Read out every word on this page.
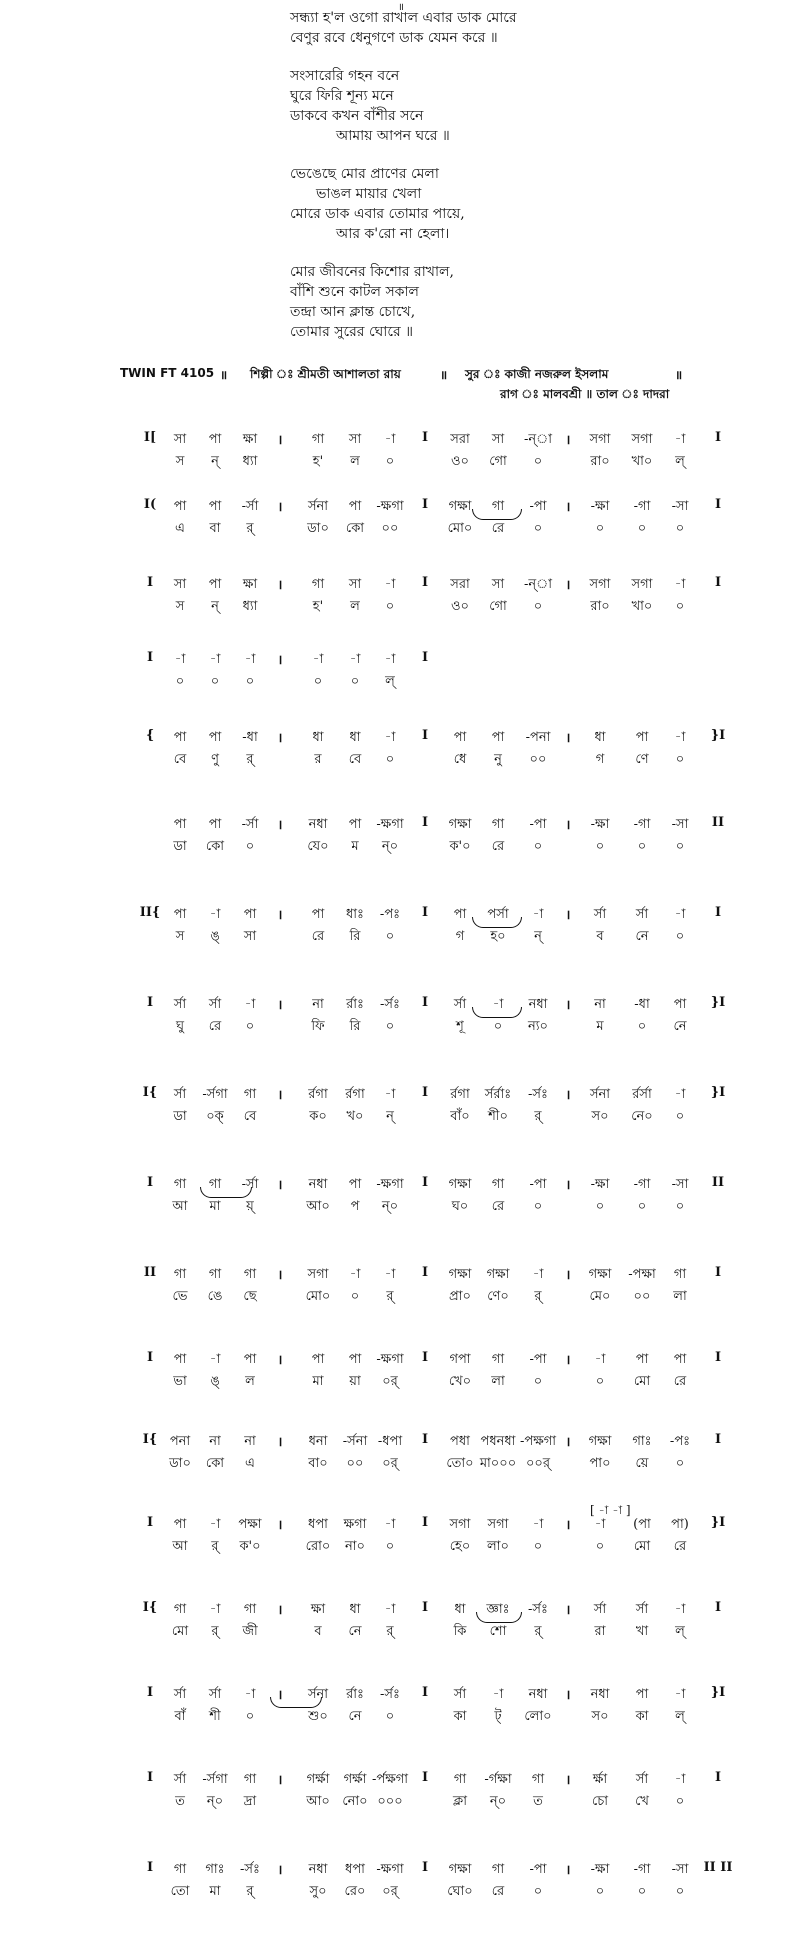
॥
সন্ধ্যা হ'ল ওগো রাখাল এবার ডাক মোরে
বেণুর রবে ধেনুগণে ডাক যেমন করে ॥
সংসারেরি গহন বনে
ঘুরে ফিরি শূন্য মনে
ডাকবে কখন বাঁশীর সনে
আমায় আপন ঘরে ॥
ভেঙেছে মোর প্রাণের মেলা
ভাঙল মায়ার খেলা
মোরে ডাক এবার তোমার পায়ে,
আর ক'রো না হেলা।
মোর জীবনের কিশোর রাখাল,
বাঁশি শুনে কাটল সকাল
তন্দ্রা আন ক্লান্ত চোখে,
তোমার সুরের ঘোরে ॥
TWIN FT 4105 ॥ শিল্পী ঃ শ্রীমতী আশালতা রায়	॥ সুর ঃ কাজী নজরুল ইসলাম	॥
রাগ ঃ মালবশ্রী ॥ তাল ঃ দাদরা
[ -া -া ]
I[ সা পা ক্ষা । গা সা -া I সরা সা -ন্া । সগা সগা -া I
স ন্ ধ্যা	হ' ল ০	ও০ গো ০	রা০ খা০ ল্
I( পা পা -র্সা । র্সনা পা -ক্ষগা I গক্ষা গা -পা । -ক্ষা -গা -সা I
এ বা র্	ডা০ কো ০০	মো০ রে ০	০	০ ০
I সা পা ক্ষা । গা সা -া I সরা সা -ন্া । সগা সগা -া I
স ন্ ধ্যা	হ' ল ০	ও০ গো ০	রা০ খা০ ০
I -া -া -া । -া -া -া I
০ ০ ০	০ ০ ল্
{ পা পা -ধা । ধা ধা -া I পা পা -পনা । ধা পা -া }I
বে ণু র্	র বে ০	ধে নু ০০	গ ণে ০
পা পা -র্সা । নধা পা -ক্ষগা I গক্ষা গা -পা । -ক্ষা -গা -সা II
ডা কো ০	যে০ ম ন্০	ক'০ রে ০	০	০ ০
II{ পা -া পা । পা ধাঃ -পঃ I পা পর্সা -া । র্সা র্সা -া I
স ঙ্ সা	রে রি ০	গ হ০ ন্	ব নে ০
I র্সা র্সা -া । না র্রাঃ -র্সঃ I র্সা -া নধা । না -ধা পা }I
ঘু রে ০	ফি রি ০	শূ ০ ন্য০	ম	০ নে
I{ র্সা -র্সগা গা । র্রগা র্রগা -া I র্রগা র্সর্রাঃ -র্সঃ । র্সনা র্রর্সা -া }I
ডা ০ক্ বে	ক০ খ০ ন্	বাঁ০ শী০ র্	স০ নে০ ০
I গা গা -র্সা । নধা পা -ক্ষগা I গক্ষা গা -পা । -ক্ষা -গা -সা II
আ মা য়্	আ০ প ন্০	ঘ০ রে ০	০	০ ০
II গা গা গা । সগা -া -া I গক্ষা গক্ষা -া । গক্ষা -পক্ষা গা I
ভে ঙে ছে	মো০ ০ র্	প্রা০ ণে০ র্	মে০ ০০ লা
I পা -া পা । পা পা -ক্ষগা I গপা গা -পা । -া পা পা I
ভা ঙ্ ল	মা য়া ০র্	খে০ লা ০	০ মো রে
I{ পনা না না । ধনা -র্সনা -ধপা I পধা পধনধা -পক্ষগা । গক্ষা গাঃ -পঃ I
ডা০ কো এ	বা০ ০০ ০র্	তো০ মা০০০ ০০র্	পা০ য়ে ০
I পা -া পক্ষা । ধপা ক্ষগা -া I সগা সগা -া । -া (পা পা) }I
আ র্ ক'০	রো০ না০ ০	হে০ লা০ ০	০ মো রে
I{ গা -া গা । ক্ষা ধা -া I ধা জ্ঞাঃ -র্সঃ । র্সা র্সা -া I
মো র্ জী	ব নে র্	কি শো র্	রা খা ল্
I র্সা র্সা -া । র্সনা র্রাঃ -র্সঃ I র্সা -া নধা । নধা পা -া }I
বাঁ শী ০	শু০ নে ০	কা ট্ লো০	স০ কা ল্
I র্সা -র্সগা গা । গর্ক্ষা গর্ক্ষা -র্পক্ষগা I গা -র্গক্ষা গা । র্ক্ষা র্সা -া I
ত ন্০ দ্রা	আ০ নো০ ০০০	ক্লা ন্০ ত	চো খে ০
I গা গাঃ -র্সঃ । নধা ধপা -ক্ষগা I গক্ষা গা -পা । -ক্ষা -গা -সা II II
তো মা র্	সু০ রে০ ০র্	ঘো০ রে ০	০	০ ০
